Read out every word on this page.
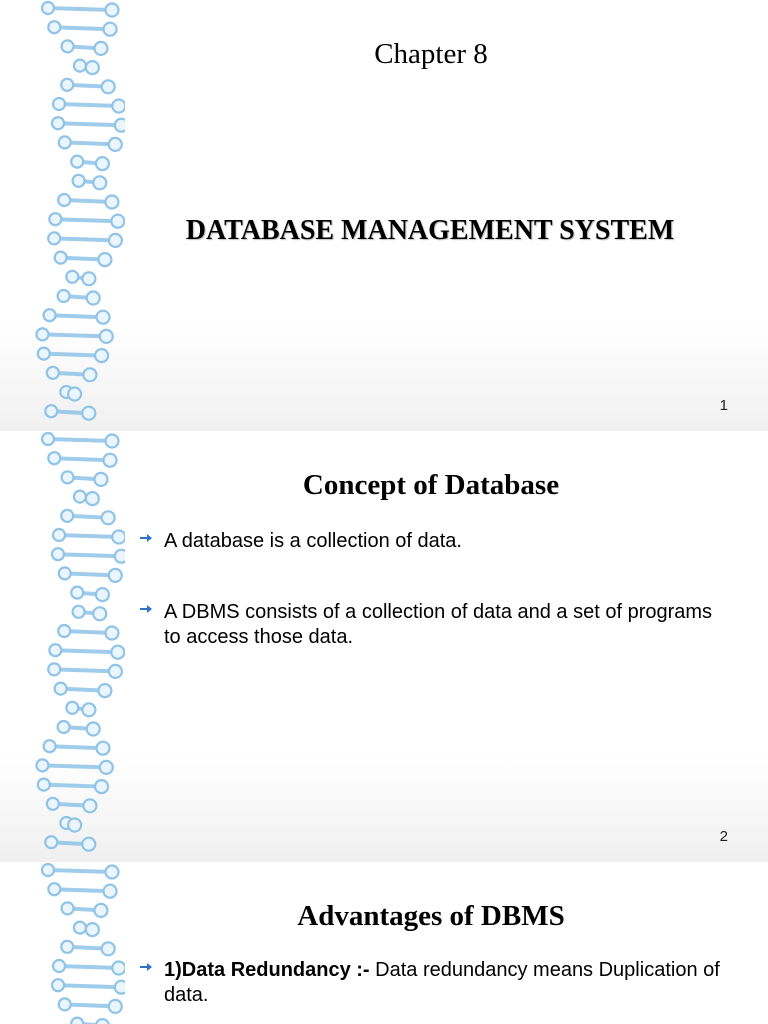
Chapter 8
DATABASE MANAGEMENT SYSTEM
1
Concept of Database
A database is a collection of data.
A DBMS consists of a collection of data and a set of programs to access those data.
2
Advantages of DBMS
1)Data Redundancy :- Data redundancy means Duplication of data.
